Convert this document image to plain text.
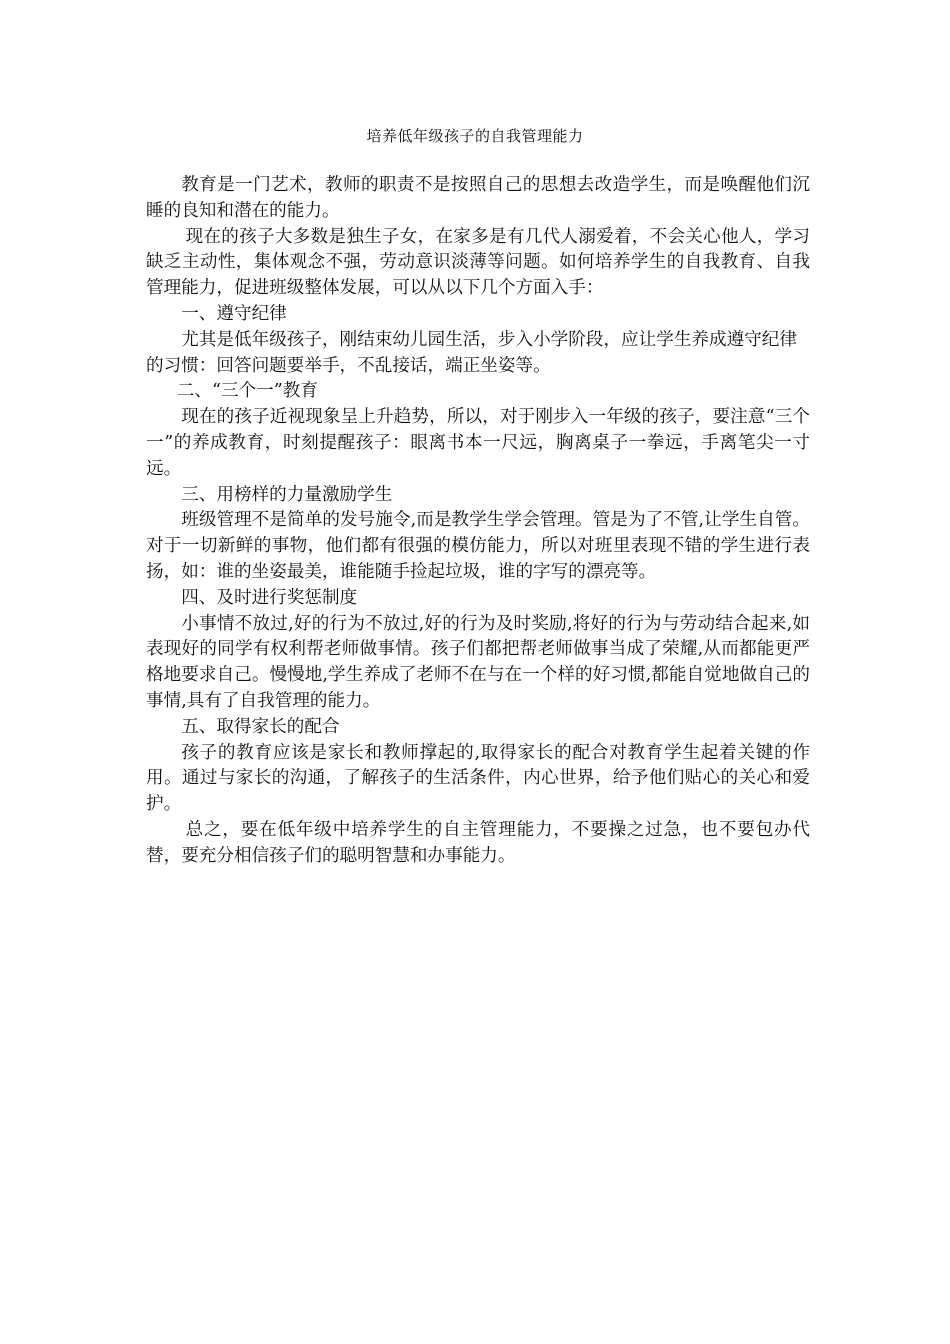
培养低年级孩子的自我管理能力

教育是一门艺术，教师的职责不是按照自己的思想去改造学生，而是唤醒他们沉睡的良知和潜在的能力。

现在的孩子大多数是独生子女，在家多是有几代人溺爱着，不会关心他人，学习缺乏主动性，集体观念不强，劳动意识淡薄等问题。如何培养学生的自我教育、自我管理能力，促进班级整体发展，可以从以下几个方面入手：

一、遵守纪律

尤其是低年级孩子，刚结束幼儿园生活，步入小学阶段，应让学生养成遵守纪律

的习惯：回答问题要举手，不乱接话，端正坐姿等。

二、“三个一”教育

现在的孩子近视现象呈上升趋势，所以，对于刚步入一年级的孩子，要注意“三个一”的养成教育，时刻提醒孩子：眼离书本一尺远，胸离桌子一拳远，手离笔尖一寸远。

三、用榜样的力量激励学生

班级管理不是简单的发号施令,而是教学生学会管理。管是为了不管,让学生自管。对于一切新鲜的事物，他们都有很强的模仿能力，所以对班里表现不错的学生进行表扬，如：谁的坐姿最美，谁能随手捡起垃圾，谁的字写的漂亮等。

四、及时进行奖惩制度

小事情不放过,好的行为不放过,好的行为及时奖励,将好的行为与劳动结合起来,如表现好的同学有权利帮老师做事情。孩子们都把帮老师做事当成了荣耀,从而都能更严格地要求自己。慢慢地,学生养成了老师不在与在一个样的好习惯,都能自觉地做自己的事情,具有了自我管理的能力。

五、取得家长的配合

孩子的教育应该是家长和教师撑起的,取得家长的配合对教育学生起着关键的作用。通过与家长的沟通，了解孩子的生活条件，内心世界，给予他们贴心的关心和爱护。

总之，要在低年级中培养学生的自主管理能力，不要操之过急，也不要包办代替，要充分相信孩子们的聪明智慧和办事能力。
